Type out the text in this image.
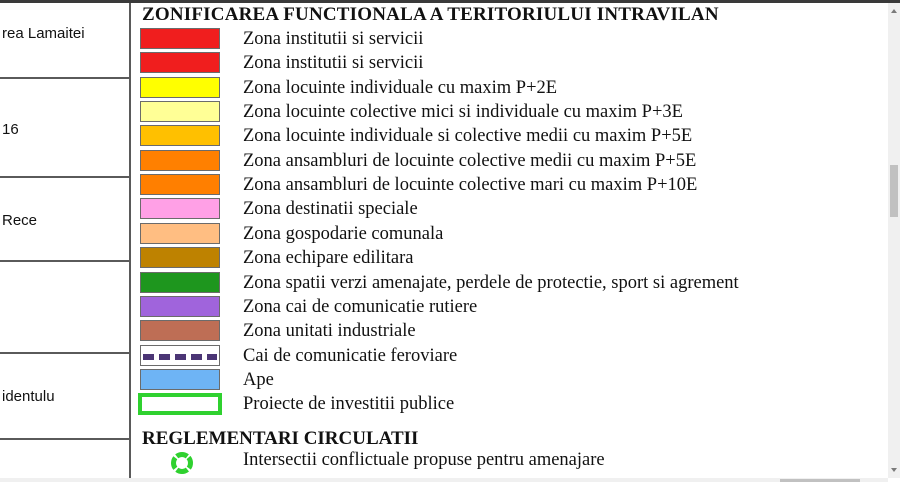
rea Lamaitei
16
Rece
identulu
ZONIFICAREA FUNCTIONALA A TERITORIULUI INTRAVILAN
Zona institutii si servicii
Zona institutii si servicii
Zona locuinte individuale cu maxim P+2E
Zona locuinte colective mici si individuale cu maxim P+3E
Zona locuinte individuale si colective medii cu maxim P+5E
Zona ansambluri de locuinte colective medii cu maxim P+5E
Zona ansambluri de locuinte colective mari cu maxim P+10E
Zona destinatii speciale
Zona gospodarie comunala
Zona echipare edilitara
Zona spatii verzi amenajate, perdele de protectie, sport si agrement
Zona cai de comunicatie rutiere
Zona unitati industriale
Cai de comunicatie feroviare
Ape
Proiecte de investitii publice
REGLEMENTARI CIRCULATII
Intersectii conflictuale propuse pentru amenajare
